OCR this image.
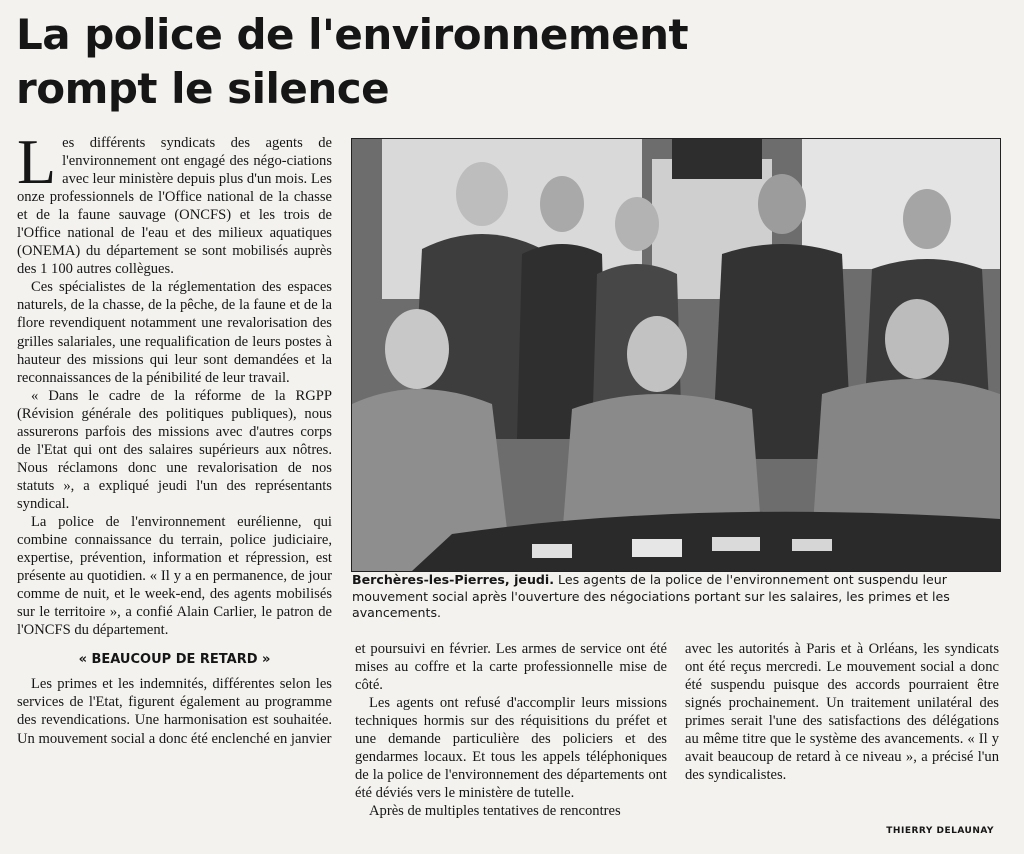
La police de l'environnement
rompt le silence

Les différents syndicats des agents de l'environnement ont engagé des négo-ciations avec leur ministère depuis plus d'un mois. Les onze professionnels de l'Office national de la chasse et de la faune sauvage (ONCFS) et les trois de l'Office national de l'eau et des milieux aquatiques (ONEMA) du département se sont mobilisés auprès des 1 100 autres collègues.

Ces spécialistes de la réglementation des espaces naturels, de la chasse, de la pêche, de la faune et de la flore revendiquent notamment une revalorisation des grilles salariales, une requalification de leurs postes à hauteur des missions qui leur sont demandées et la reconnaissances de la pénibilité de leur travail.

« Dans le cadre de la réforme de la RGPP (Révision générale des politiques publiques), nous assurerons parfois des missions avec d'autres corps de l'Etat qui ont des salaires supérieurs aux nôtres. Nous réclamons donc une revalorisation de nos statuts », a expliqué jeudi l'un des représentants syndical.

La police de l'environnement eurélienne, qui combine connaissance du terrain, police judiciaire, expertise, prévention, information et répression, est présente au quotidien. « Il y a en permanence, de jour comme de nuit, et le week-end, des agents mobilisés sur le territoire », a confié Alain Carlier, le patron de l'ONCFS du département.

« BEAUCOUP DE RETARD »

Les primes et les indemnités, différentes selon les services de l'Etat, figurent également au programme des revendications. Une harmonisation est souhaitée. Un mouvement social a donc été enclenché en janvier

Berchères-les-Pierres, jeudi. Les agents de la police de l'environnement ont suspendu leur mouvement social après l'ouverture des négociations portant sur les salaires, les primes et les avancements.

et poursuivi en février. Les armes de service ont été mises au coffre et la carte professionnelle mise de côté.

Les agents ont refusé d'accomplir leurs missions techniques hormis sur des réquisitions du préfet et une demande particulière des policiers et des gendarmes locaux. Et tous les appels téléphoniques de la police de l'environnement des départements ont été déviés vers le ministère de tutelle.

Après de multiples tentatives de rencontres

avec les autorités à Paris et à Orléans, les syndicats ont été reçus mercredi. Le mouvement social a donc été suspendu puisque des accords pourraient être signés prochainement. Un traitement unilatéral des primes serait l'une des satisfactions des délégations au même titre que le système des avancements. « Il y avait beaucoup de retard à ce niveau », a précisé l'un des syndicalistes.

THIERRY DELAUNAY
